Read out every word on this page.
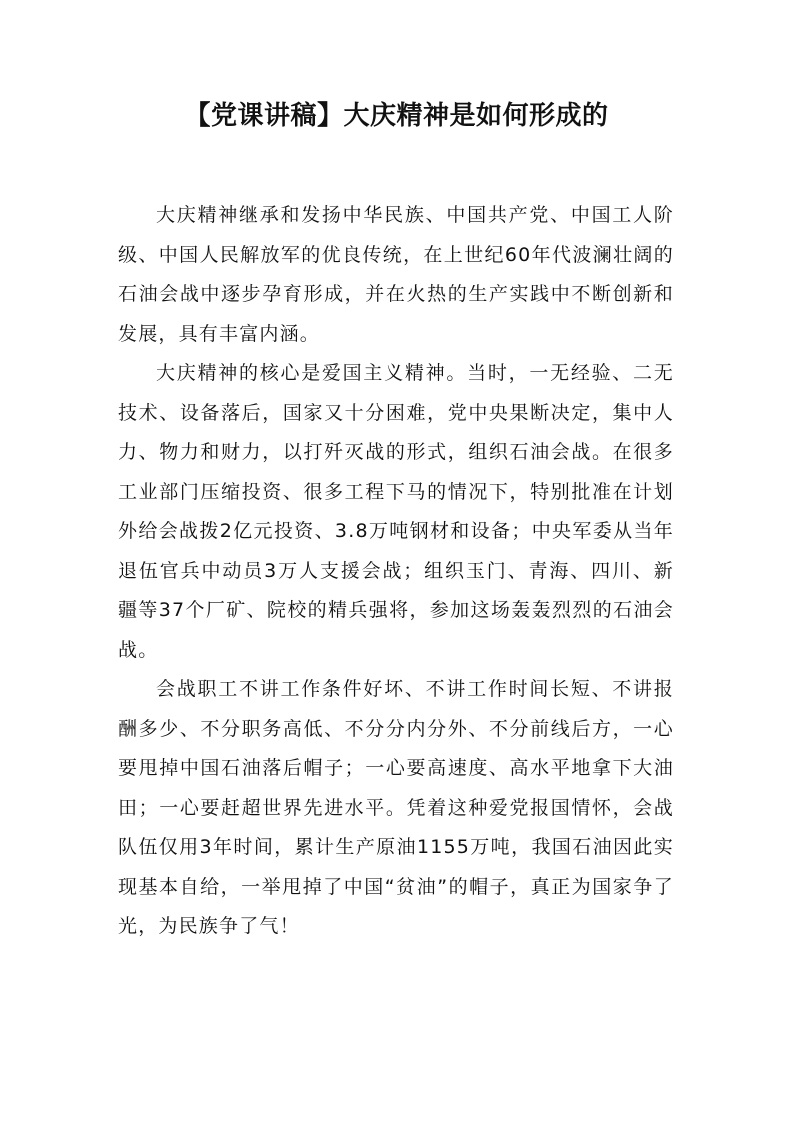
【党课讲稿】大庆精神是如何形成的

大庆精神继承和发扬中华民族、中国共产党、中国工人阶级、中国人民解放军的优良传统，在上世纪60年代波澜壮阔的石油会战中逐步孕育形成，并在火热的生产实践中不断创新和发展，具有丰富内涵。

大庆精神的核心是爱国主义精神。当时，一无经验、二无技术、设备落后，国家又十分困难，党中央果断决定，集中人力、物力和财力，以打歼灭战的形式，组织石油会战。在很多工业部门压缩投资、很多工程下马的情况下，特别批准在计划外给会战拨2亿元投资、3.8万吨钢材和设备；中央军委从当年退伍官兵中动员3万人支援会战；组织玉门、青海、四川、新疆等37个厂矿、院校的精兵强将，参加这场轰轰烈烈的石油会战。

会战职工不讲工作条件好坏、不讲工作时间长短、不讲报酬多少、不分职务高低、不分分内分外、不分前线后方，一心要甩掉中国石油落后帽子；一心要高速度、高水平地拿下大油田；一心要赶超世界先进水平。凭着这种爱党报国情怀，会战队伍仅用3年时间，累计生产原油1155万吨，我国石油因此实现基本自给，一举甩掉了中国“贫油”的帽子，真正为国家争了光，为民族争了气！
